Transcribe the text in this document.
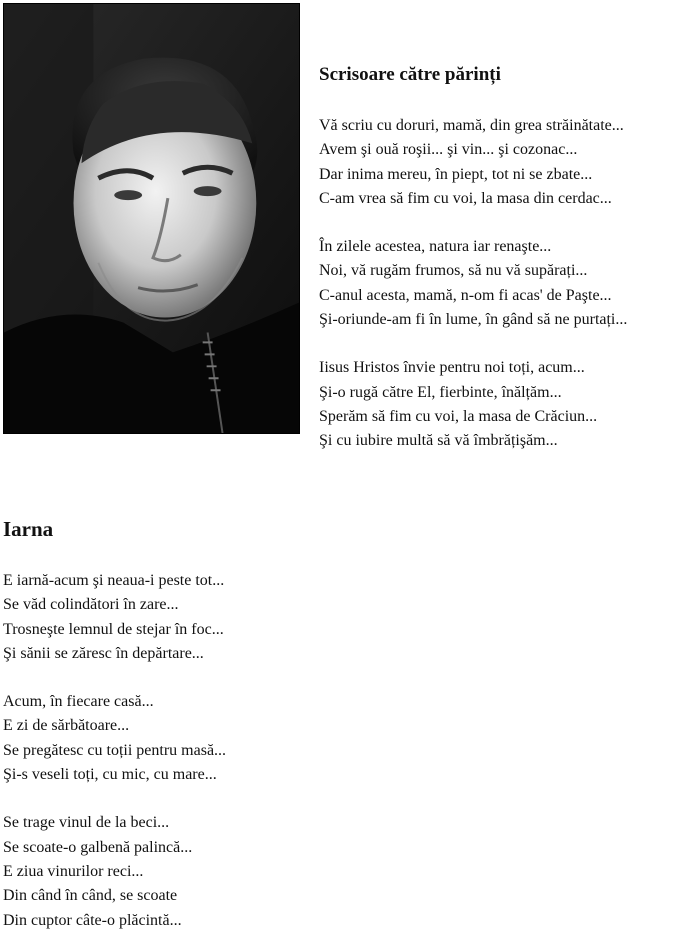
Scrisoare către părinți

Vă scriu cu doruri, mamă, din grea străinătate...
Avem şi ouă roşii... şi vin... şi cozonac...
Dar inima mereu, în piept, tot ni se zbate...
C-am vrea să fim cu voi, la masa din cerdac...

În zilele acestea, natura iar renaşte...
Noi, vă rugăm frumos, să nu vă supărați...
C-anul acesta, mamă, n-om fi acas' de Paşte...
Şi-oriunde-am fi în lume, în gând să ne purtați...

Iisus Hristos învie pentru noi toți, acum...
Şi-o rugă către El, fierbinte, înălțăm...
Sperăm să fim cu voi, la masa de Crăciun...
Şi cu iubire multă să vă îmbrățişăm...

Iarna

E iarnă-acum şi neaua-i peste tot...
Se văd colindători în zare...
Trosneşte lemnul de stejar în foc...
Şi sănii se zăresc în depărtare...

Acum, în fiecare casă...
E zi de sărbătoare...
Se pregătesc cu toții pentru masă...
Şi-s veseli toți, cu mic, cu mare...

Se trage vinul de la beci...
Se scoate-o galbenă palincă...
E ziua vinurilor reci...
Din când în când, se scoate
Din cuptor câte-o plăcintă...
